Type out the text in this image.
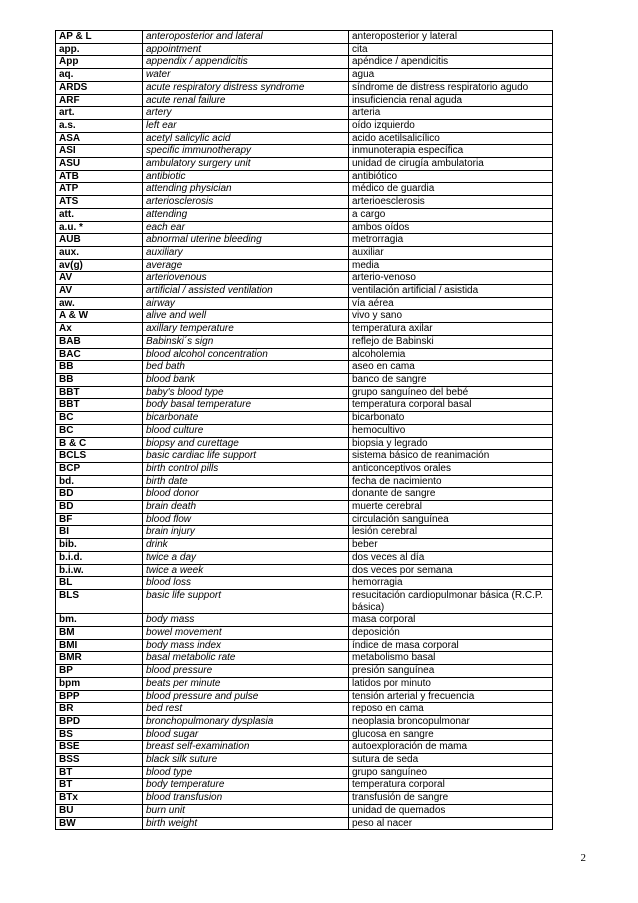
AP & L	anteroposterior and lateral	anteroposterior y lateral
app.	appointment	cita
App	appendix / appendicitis	apéndice / apendicitis
aq.	water	agua
ARDS	acute respiratory distress syndrome	síndrome de distress respiratorio agudo
ARF	acute renal failure	insuficiencia renal aguda
art.	artery	arteria
a.s.	left ear	oído izquierdo
ASA	acetyl salicylic acid	acido acetilsalicílico
ASI	specific immunotherapy	inmunoterapia específica
ASU	ambulatory surgery unit	unidad de cirugía ambulatoria
ATB	antibiotic	antibiótico
ATP	attending physician	médico de guardia
ATS	arteriosclerosis	arterioesclerosis
att.	attending	a cargo
a.u. *	each ear	ambos oídos
AUB	abnormal uterine bleeding	metrorragia
aux.	auxiliary	auxiliar
av(g)	average	media
AV	arteriovenous	arterio-venoso
AV	artificial / assisted ventilation	ventilación artificial / asistida
aw.	airway	vía aérea
A & W	alive and well	vivo y sano
Ax	axillary temperature	temperatura axilar
BAB	Babinski´s sign	reflejo de Babinski
BAC	blood alcohol concentration	alcoholemia
BB	bed bath	aseo en cama
BB	blood bank	banco de sangre
BBT	baby's blood type	grupo sanguíneo del bebé
BBT	body basal temperature	temperatura corporal basal
BC	bicarbonate	bicarbonato
BC	blood culture	hemocultivo
B & C	biopsy and curettage	biopsia y legrado
BCLS	basic cardiac life support	sistema básico de reanimación
BCP	birth control pills	anticonceptivos orales
bd.	birth date	fecha de nacimiento
BD	blood donor	donante de sangre
BD	brain death	muerte cerebral
BF	blood flow	circulación sanguínea
BI	brain injury	lesión cerebral
bib.	drink	beber
b.i.d.	twice a day	dos veces al día
b.i.w.	twice a week	dos veces por semana
BL	blood loss	hemorragia
BLS	basic life support	resucitación cardiopulmonar básica (R.C.P. básica)
bm.	body mass	masa corporal
BM	bowel movement	deposición
BMI	body mass index	índice de masa corporal
BMR	basal metabolic rate	metabolismo basal
BP	blood pressure	presión sanguínea
bpm	beats per minute	latidos por minuto
BPP	blood pressure and pulse	tensión arterial y frecuencia
BR	bed rest	reposo en cama
BPD	bronchopulmonary dysplasia	neoplasia broncopulmonar
BS	blood sugar	glucosa en sangre
BSE	breast self-examination	autoexploración de mama
BSS	black silk suture	sutura de seda
BT	blood type	grupo sanguíneo
BT	body temperature	temperatura corporal
BTx	blood transfusion	transfusión de sangre
BU	burn unit	unidad de quemados
BW	birth weight	peso al nacer
2
